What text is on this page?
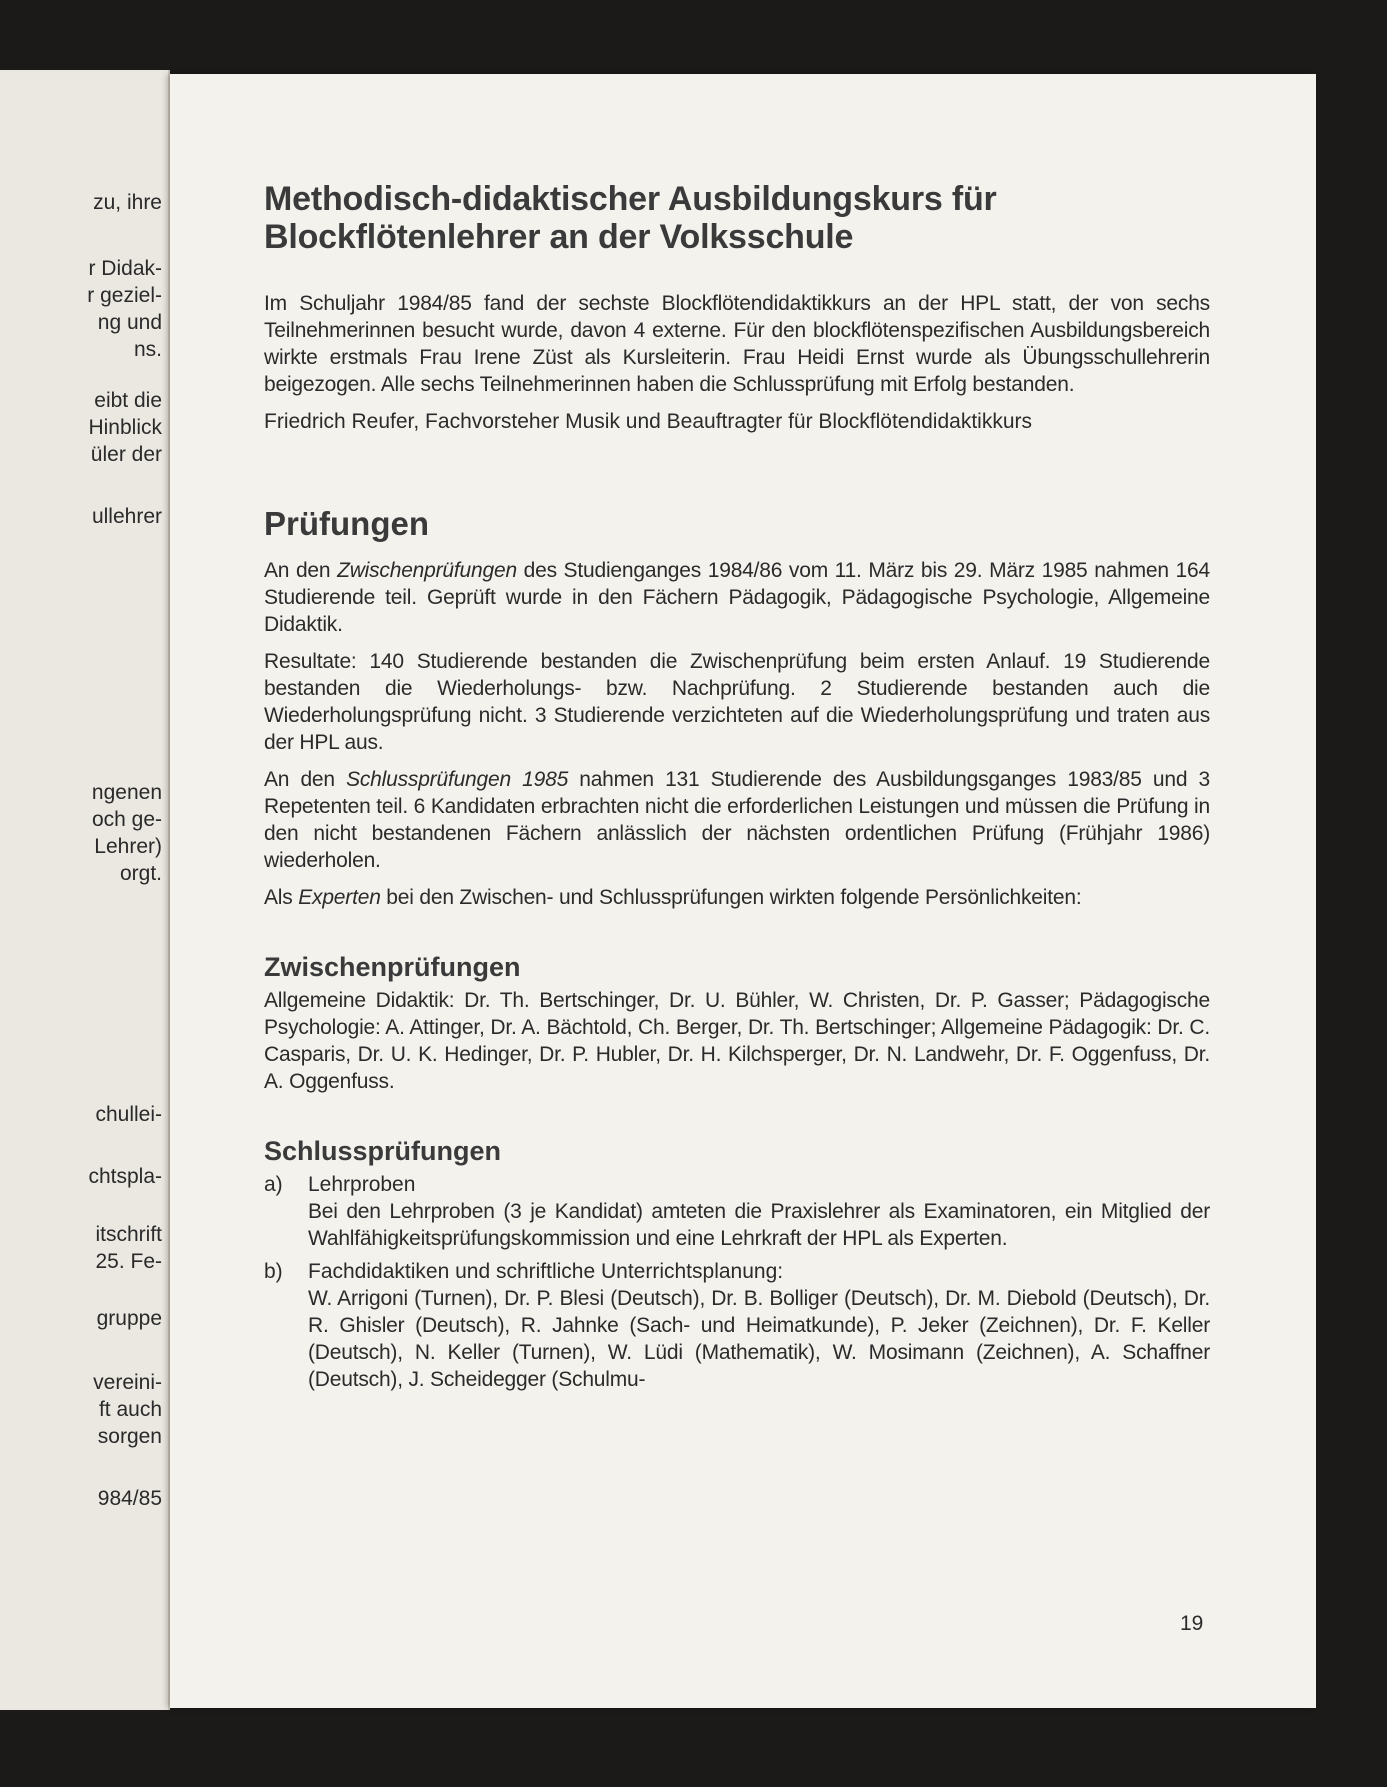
zu, ihre
r Didak-
r geziel-
ng und
ns.
eibt die
Hinblick
üler der
ullehrer
ngenen
och ge-
Lehrer)
orgt.
chullei-
chtspla-
itschrift
25. Fe-
gruppe
vereini-
ft auch
sorgen
984/85
Methodisch-didaktischer Ausbildungskurs für Blockflötenlehrer an der Volksschule

Im Schuljahr 1984/85 fand der sechste Blockflötendidaktikkurs an der HPL statt, der von sechs Teilnehmerinnen besucht wurde, davon 4 externe. Für den blockflötenspezifischen Ausbildungsbereich wirkte erstmals Frau Irene Züst als Kursleiterin. Frau Heidi Ernst wurde als Übungsschullehrerin beigezogen. Alle sechs Teilnehmerinnen haben die Schlussprüfung mit Erfolg bestanden.

Friedrich Reufer, Fachvorsteher Musik und Beauftragter für Blockflötendidaktikkurs

Prüfungen

An den Zwischenprüfungen des Studienganges 1984/86 vom 11. März bis 29. März 1985 nahmen 164 Studierende teil. Geprüft wurde in den Fächern Pädagogik, Pädagogische Psychologie, Allgemeine Didaktik.

Resultate: 140 Studierende bestanden die Zwischenprüfung beim ersten Anlauf. 19 Studierende bestanden die Wiederholungs- bzw. Nachprüfung. 2 Studierende bestanden auch die Wiederholungsprüfung nicht. 3 Studierende verzichteten auf die Wiederholungsprüfung und traten aus der HPL aus.

An den Schlussprüfungen 1985 nahmen 131 Studierende des Ausbildungsganges 1983/85 und 3 Repetenten teil. 6 Kandidaten erbrachten nicht die erforderlichen Leistungen und müssen die Prüfung in den nicht bestandenen Fächern anlässlich der nächsten ordentlichen Prüfung (Frühjahr 1986) wiederholen.

Als Experten bei den Zwischen- und Schlussprüfungen wirkten folgende Persönlichkeiten:

Zwischenprüfungen

Allgemeine Didaktik: Dr. Th. Bertschinger, Dr. U. Bühler, W. Christen, Dr. P. Gasser; Pädagogische Psychologie: A. Attinger, Dr. A. Bächtold, Ch. Berger, Dr. Th. Bertschinger; Allgemeine Pädagogik: Dr. C. Casparis, Dr. U. K. Hedinger, Dr. P. Hubler, Dr. H. Kilchsperger, Dr. N. Landwehr, Dr. F. Oggenfuss, Dr. A. Oggenfuss.

Schlussprüfungen
a)	Lehrproben
Bei den Lehrproben (3 je Kandidat) amteten die Praxislehrer als Examinatoren, ein Mitglied der Wahlfähigkeitsprüfungskommission und eine Lehrkraft der HPL als Experten.
b)	Fachdidaktiken und schriftliche Unterrichtsplanung:
W. Arrigoni (Turnen), Dr. P. Blesi (Deutsch), Dr. B. Bolliger (Deutsch), Dr. M. Diebold (Deutsch), Dr. R. Ghisler (Deutsch), R. Jahnke (Sach- und Heimatkunde), P. Jeker (Zeichnen), Dr. F. Keller (Deutsch), N. Keller (Turnen), W. Lüdi (Mathematik), W. Mosimann (Zeichnen), A. Schaffner (Deutsch), J. Scheidegger (Schulmu-
19
